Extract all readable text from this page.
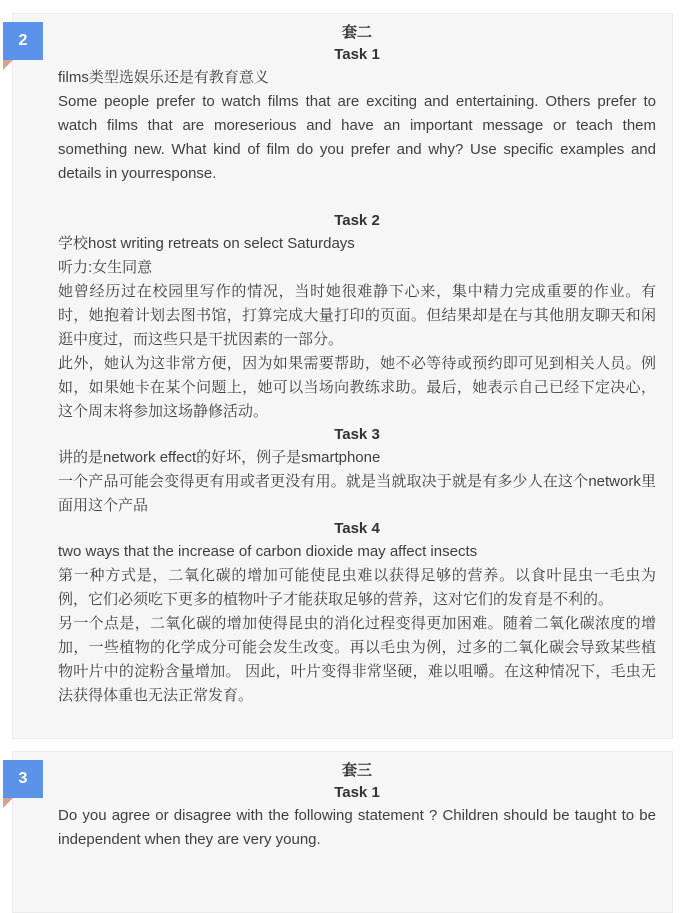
2	套二
Task 1

films类型选娱乐还是有教育意义

Some people prefer to watch films that are exciting and entertaining. Others prefer to watch films that are moreserious and have an important message or teach them something new. What kind of film do you prefer and why? Use specific examples and details in yourresponse.

Task 2

学校host writing retreats on select Saturdays

听力:女生同意

她曾经历过在校园里写作的情况，当时她很难静下心来，集中精力完成重要的作业。有时，她抱着计划去图书馆，打算完成大量打印的页面。但结果却是在与其他朋友聊天和闲逛中度过，而这些只是干扰因素的一部分。

此外，她认为这非常方便，因为如果需要帮助，她不必等待或预约即可见到相关人员。例如，如果她卡在某个问题上，她可以当场向教练求助。最后，她表示自己已经下定决心，这个周末将参加这场静修活动。

Task 3

讲的是network effect的好坏，例子是smartphone

一个产品可能会变得更有用或者更没有用。就是当就取决于就是有多少人在这个network里面用这个产品

Task 4

two ways that the increase of carbon dioxide may affect insects

第一种方式是，二氧化碳的增加可能使昆虫难以获得足够的营养。以食叶昆虫一毛虫为例，它们必须吃下更多的植物叶子才能获取足够的营养，这对它们的发育是不利的。

另一个点是，二氧化碳的增加使得昆虫的消化过程变得更加困难。随着二氧化碳浓度的增加，一些植物的化学成分可能会发生改变。再以毛虫为例，过多的二氧化碳会导致某些植物叶片中的淀粉含量增加。 因此，叶片变得非常坚硬，难以咀嚼。在这种情况下，毛虫无法获得体重也无法正常发育。

3	套三
Task 1

Do you agree or disagree with the following statement ? Children should be taught to be independent when they are very young.
